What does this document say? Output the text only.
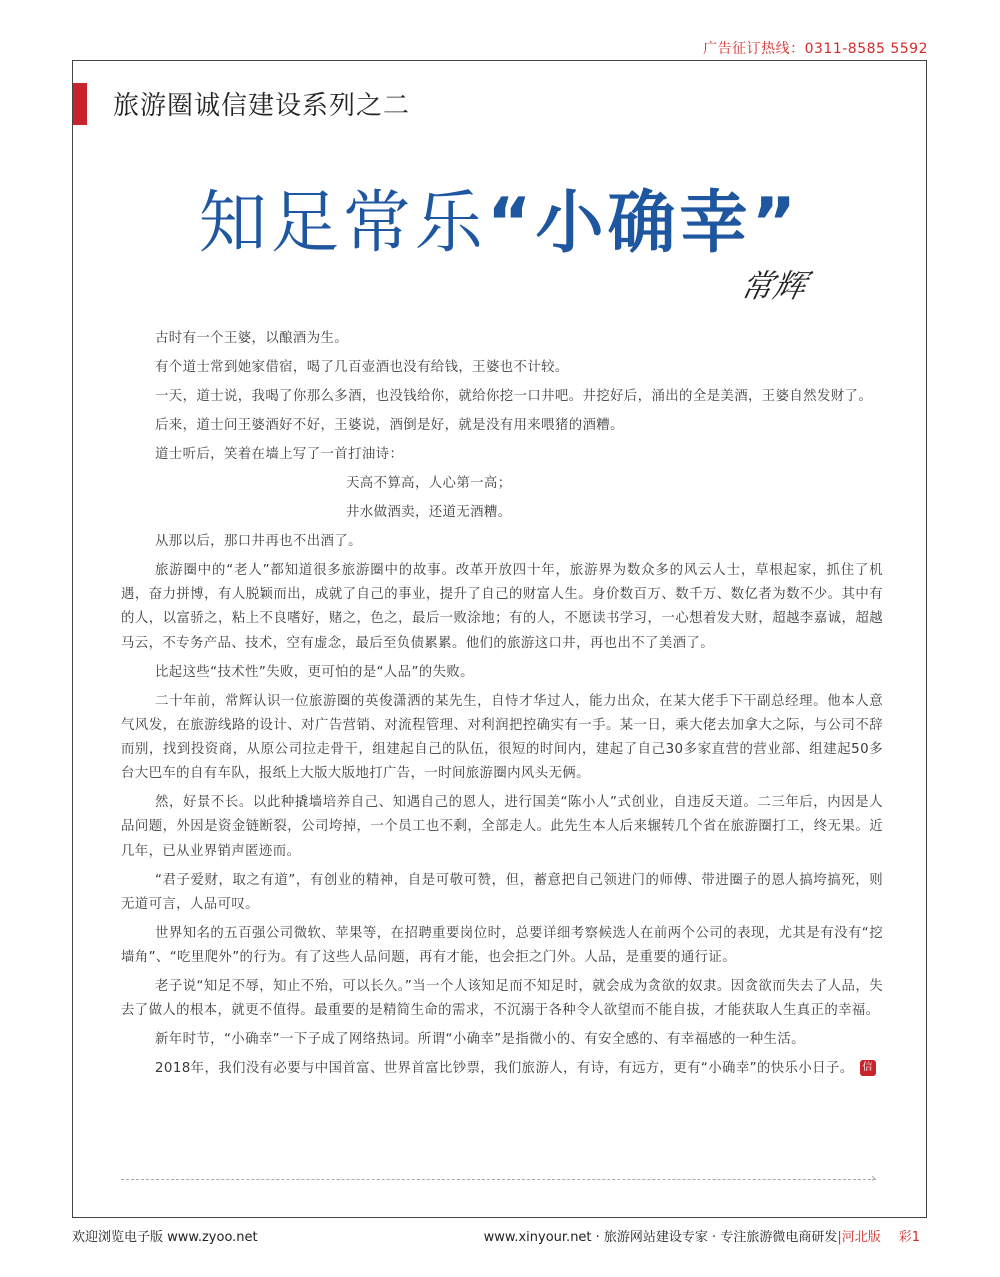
广告征订热线：0311-8585 5592
旅游圈诚信建设系列之二
知足常乐“小确幸”
常辉

古时有一个王婆，以酿酒为生。

有个道士常到她家借宿，喝了几百壶酒也没有给钱，王婆也不计较。

一天，道士说，我喝了你那么多酒，也没钱给你，就给你挖一口井吧。井挖好后，涌出的全是美酒，王婆自然发财了。

后来，道士问王婆酒好不好，王婆说，酒倒是好，就是没有用来喂猪的酒糟。

道士听后，笑着在墙上写了一首打油诗：

天高不算高，人心第一高；

井水做酒卖，还道无酒糟。

从那以后，那口井再也不出酒了。

旅游圈中的“老人”都知道很多旅游圈中的故事。改革开放四十年，旅游界为数众多的风云人士，草根起家，抓住了机遇，奋力拼博，有人脱颖而出，成就了自己的事业，提升了自己的财富人生。身价数百万、数千万、数亿者为数不少。其中有的人，以富骄之，粘上不良嗜好，赌之，色之，最后一败涂地；有的人，不愿读书学习，一心想着发大财，超越李嘉诚，超越马云，不专务产品、技术，空有虚念，最后至负债累累。他们的旅游这口井，再也出不了美酒了。

比起这些“技术性”失败，更可怕的是“人品”的失败。

二十年前，常辉认识一位旅游圈的英俊潇洒的某先生，自恃才华过人，能力出众，在某大佬手下干副总经理。他本人意气风发，在旅游线路的设计、对广告营销、对流程管理、对利润把控确实有一手。某一日，乘大佬去加拿大之际，与公司不辞而别，找到投资商，从原公司拉走骨干，组建起自己的队伍，很短的时间内，建起了自己30多家直营的营业部、组建起50多台大巴车的自有车队，报纸上大版大版地打广告，一时间旅游圈内风头无俩。

然，好景不长。以此种撬墙培养自己、知遇自己的恩人，进行国美“陈小人”式创业，自违反天道。二三年后，内因是人品问题，外因是资金链断裂，公司垮掉，一个员工也不剩，全部走人。此先生本人后来辗转几个省在旅游圈打工，终无果。近几年，已从业界销声匿迹而。

“君子爱财，取之有道”，有创业的精神，自是可敬可赞，但，蓄意把自己领进门的师傅、带进圈子的恩人搞垮搞死，则无道可言，人品可叹。

世界知名的五百强公司微软、苹果等，在招聘重要岗位时，总要详细考察候选人在前两个公司的表现，尤其是有没有“挖墙角”、“吃里爬外”的行为。有了这些人品问题，再有才能，也会拒之门外。人品，是重要的通行证。

老子说“知足不辱，知止不殆，可以长久。”当一个人该知足而不知足时，就会成为贪欲的奴隶。因贪欲而失去了人品，失去了做人的根本，就更不值得。最重要的是精简生命的需求，不沉溺于各种令人欲望而不能自拔，才能获取人生真正的幸福。

新年时节，“小确幸”一下子成了网络热词。所谓“小确幸”是指微小的、有安全感的、有幸福感的一种生活。

2018年，我们没有必要与中国首富、世界首富比钞票，我们旅游人，有诗，有远方，更有“小确幸”的快乐小日子。 信

›
欢迎浏览电子版 www.zyoo.net	www.xinyour.net · 旅游网站建设专家 · 专注旅游微电商研发|河北版 彩1
